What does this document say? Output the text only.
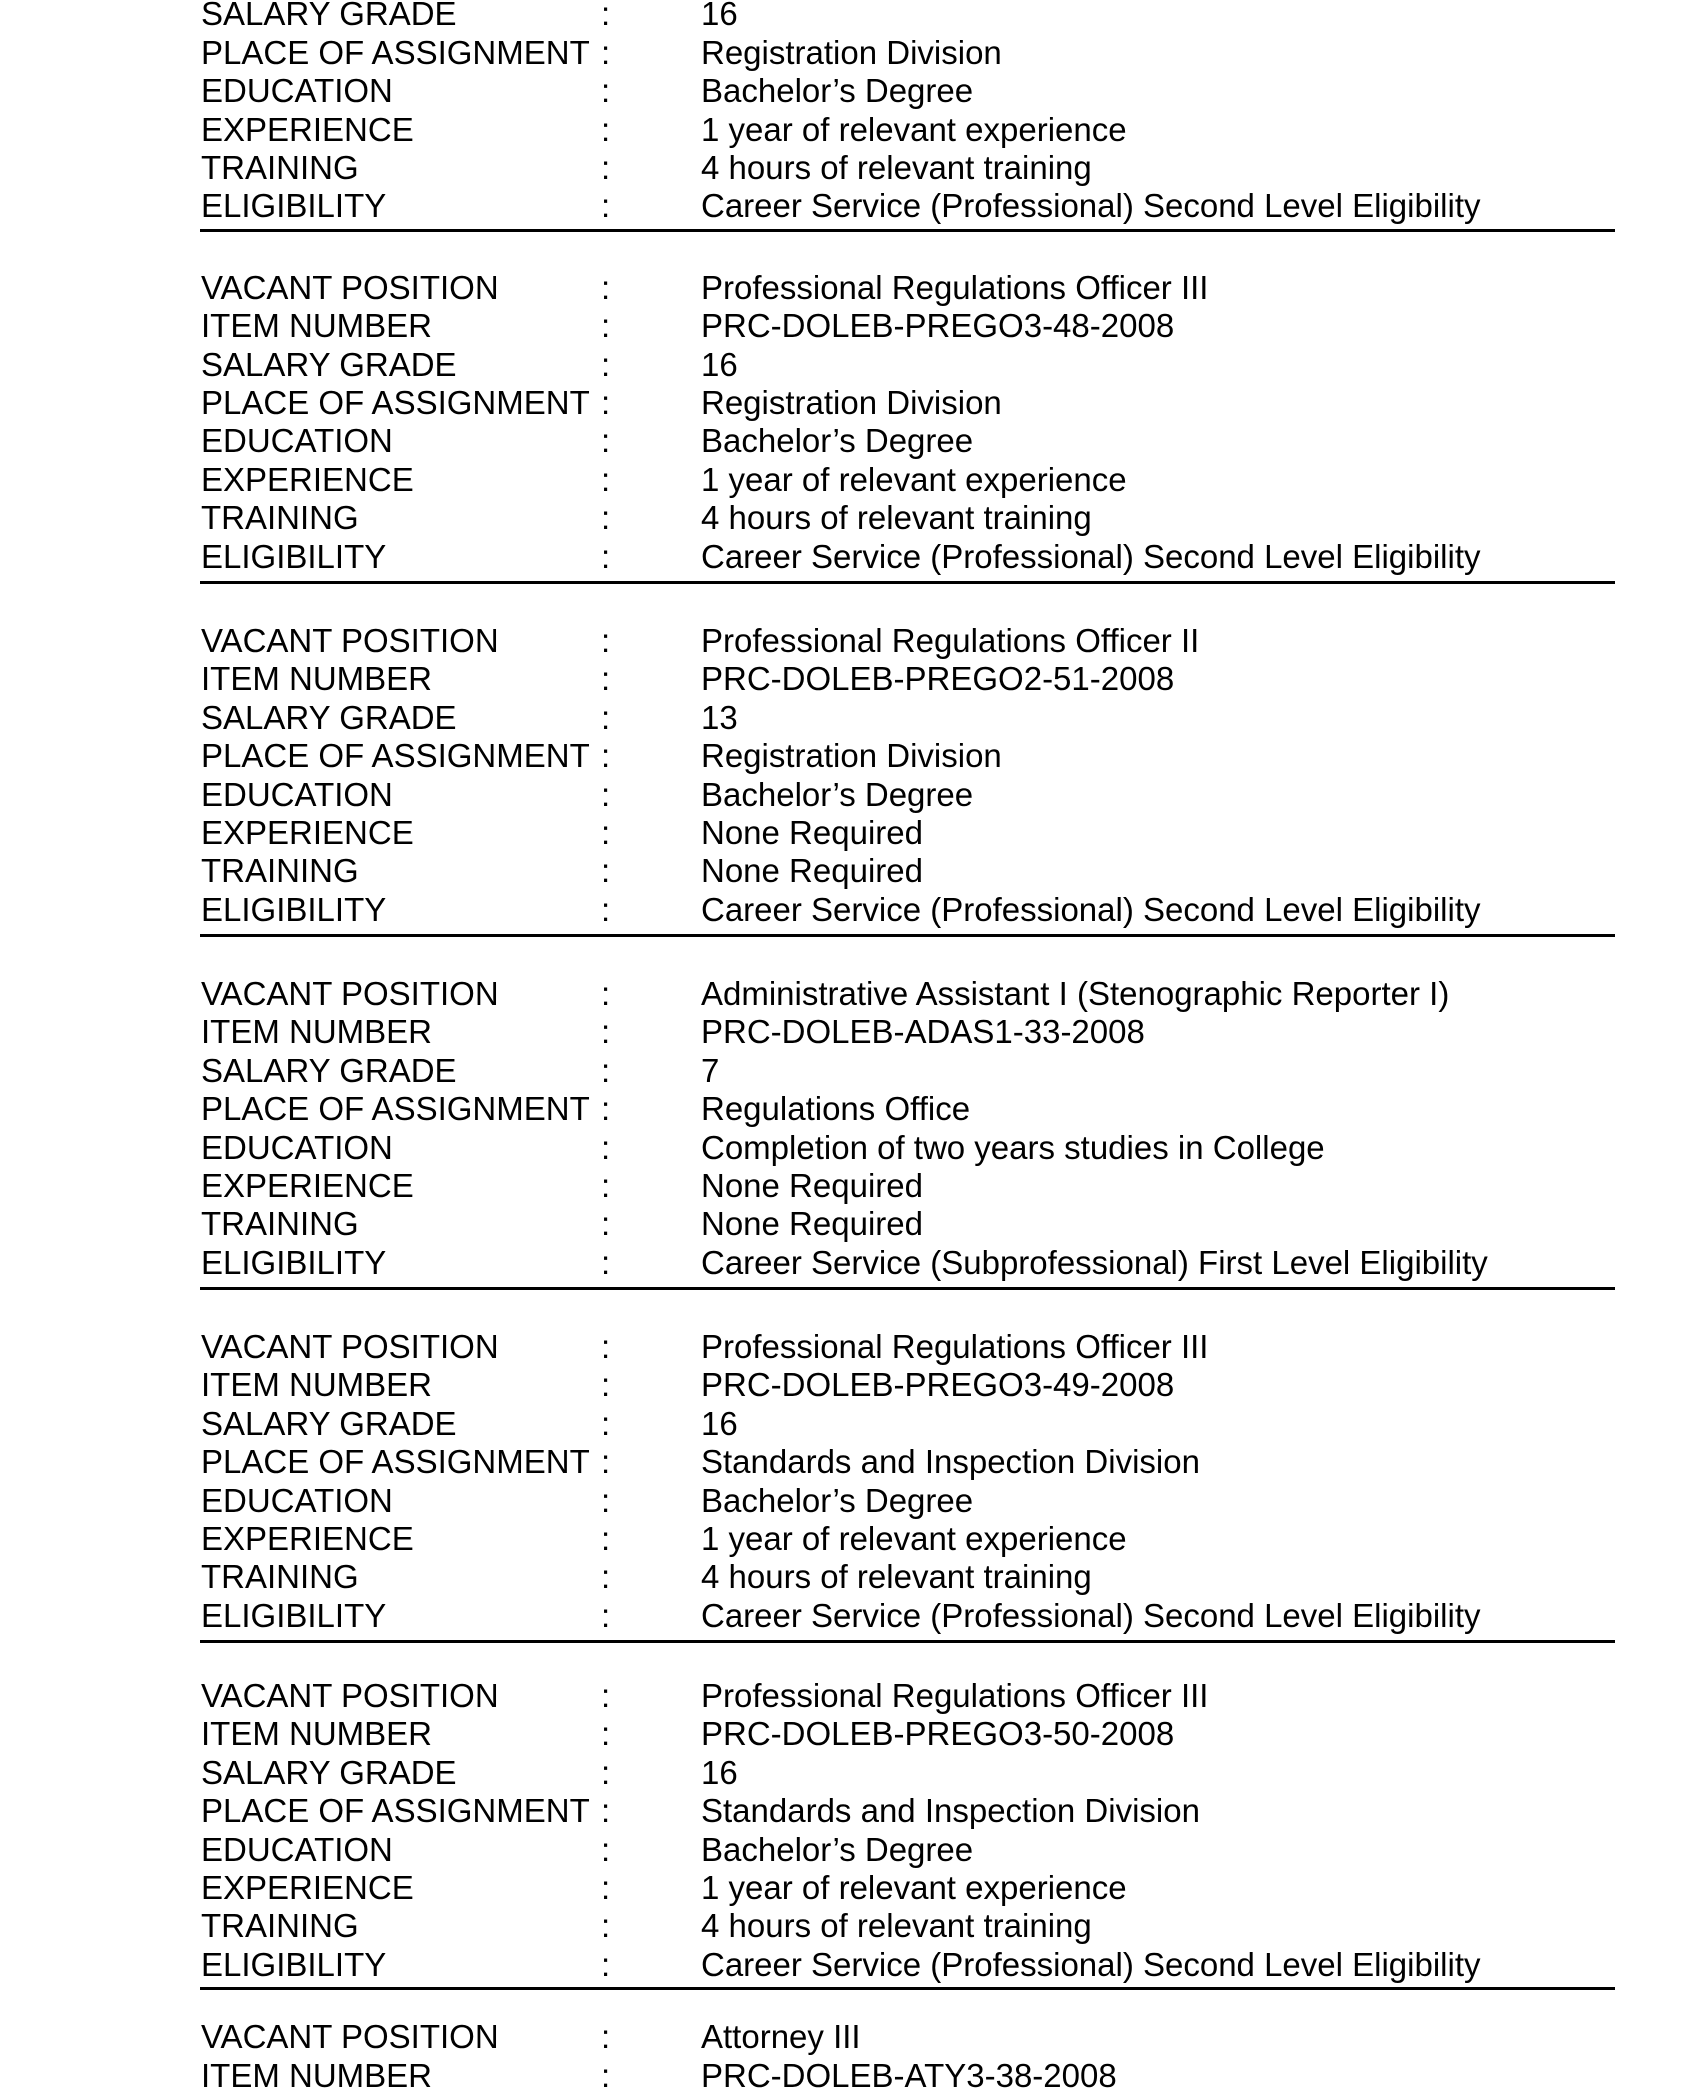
SALARY GRADE	:	16
PLACE OF ASSIGNMENT :	Registration Division
EDUCATION	:	Bachelor’s Degree
EXPERIENCE	:	1 year of relevant experience
TRAINING	:	4 hours of relevant training
ELIGIBILITY	:	Career Service (Professional) Second Level Eligibility
VACANT POSITION	:	Professional Regulations Officer III
ITEM NUMBER	:	PRC-DOLEB-PREGO3-48-2008
SALARY GRADE	:	16
PLACE OF ASSIGNMENT :	Registration Division
EDUCATION	:	Bachelor’s Degree
EXPERIENCE	:	1 year of relevant experience
TRAINING	:	4 hours of relevant training
ELIGIBILITY	:	Career Service (Professional) Second Level Eligibility
VACANT POSITION	:	Professional Regulations Officer II
ITEM NUMBER	:	PRC-DOLEB-PREGO2-51-2008
SALARY GRADE	:	13
PLACE OF ASSIGNMENT :	Registration Division
EDUCATION	:	Bachelor’s Degree
EXPERIENCE	:	None Required
TRAINING	:	None Required
ELIGIBILITY	:	Career Service (Professional) Second Level Eligibility
VACANT POSITION	:	Administrative Assistant I (Stenographic Reporter I)
ITEM NUMBER	:	PRC-DOLEB-ADAS1-33-2008
SALARY GRADE	:	7
PLACE OF ASSIGNMENT :	Regulations Office
EDUCATION	:	Completion of two years studies in College
EXPERIENCE	:	None Required
TRAINING	:	None Required
ELIGIBILITY	:	Career Service (Subprofessional) First Level Eligibility
VACANT POSITION	:	Professional Regulations Officer III
ITEM NUMBER	:	PRC-DOLEB-PREGO3-49-2008
SALARY GRADE	:	16
PLACE OF ASSIGNMENT :	Standards and Inspection Division
EDUCATION	:	Bachelor’s Degree
EXPERIENCE	:	1 year of relevant experience
TRAINING	:	4 hours of relevant training
ELIGIBILITY	:	Career Service (Professional) Second Level Eligibility
VACANT POSITION	:	Professional Regulations Officer III
ITEM NUMBER	:	PRC-DOLEB-PREGO3-50-2008
SALARY GRADE	:	16
PLACE OF ASSIGNMENT :	Standards and Inspection Division
EDUCATION	:	Bachelor’s Degree
EXPERIENCE	:	1 year of relevant experience
TRAINING	:	4 hours of relevant training
ELIGIBILITY	:	Career Service (Professional) Second Level Eligibility
VACANT POSITION	:	Attorney III
ITEM NUMBER	:	PRC-DOLEB-ATY3-38-2008
